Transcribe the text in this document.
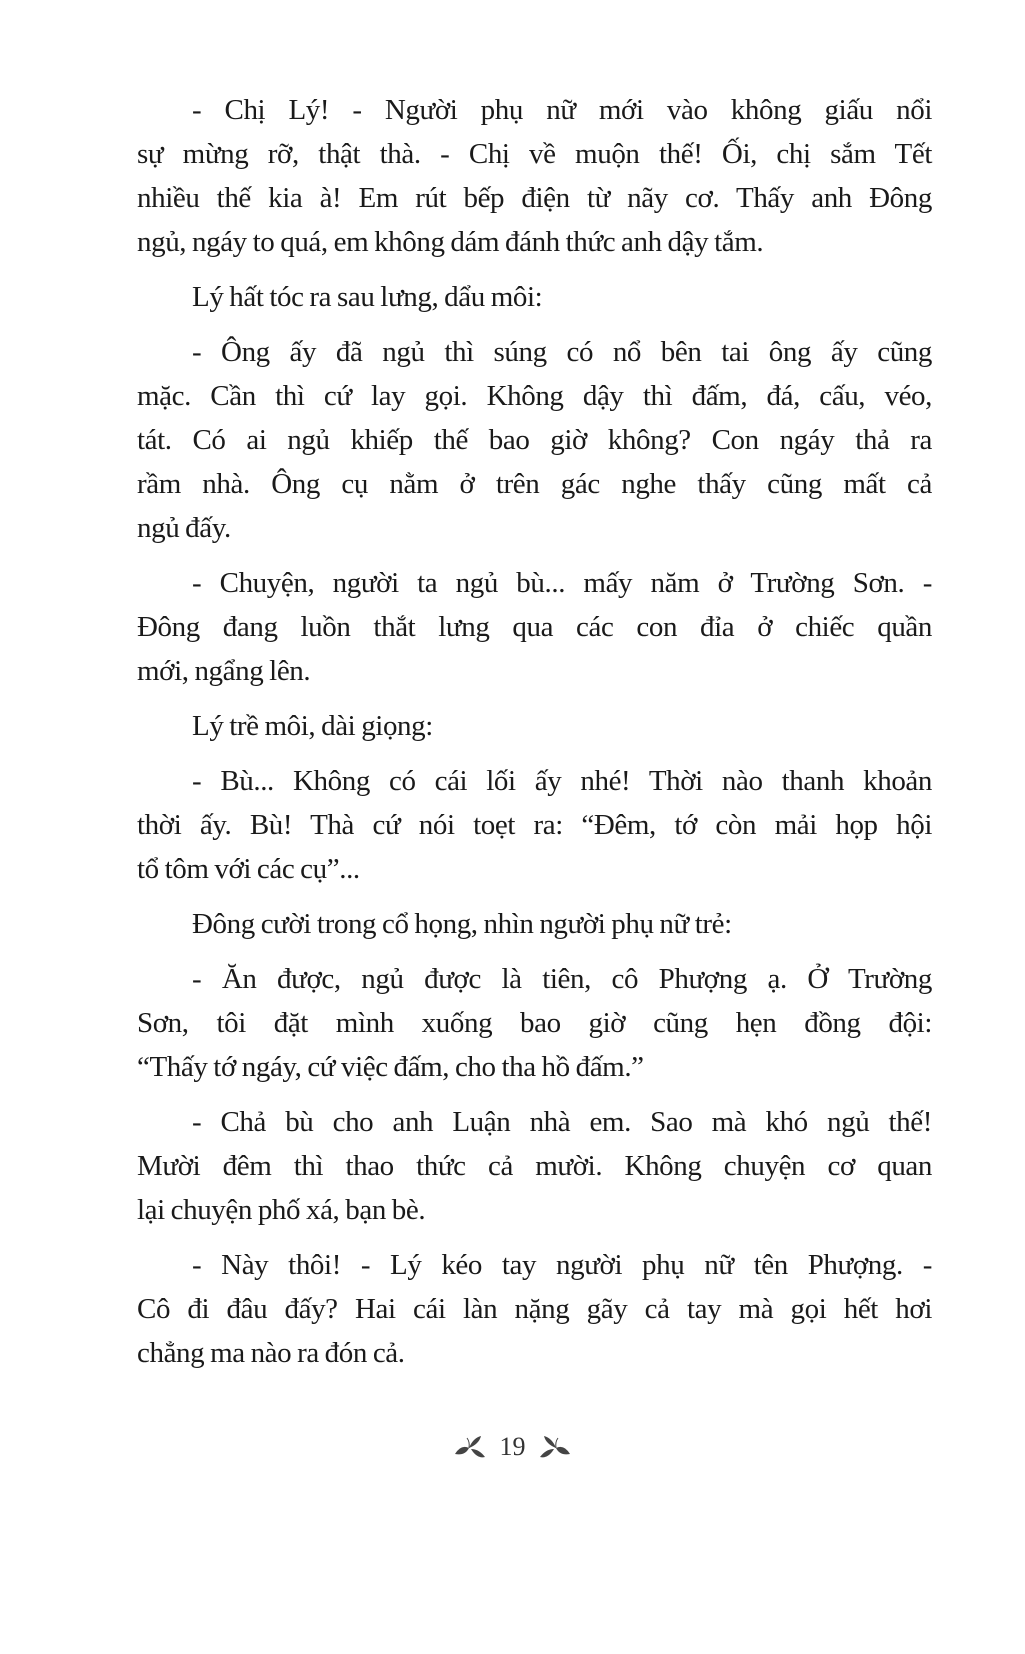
- Chị Lý! - Người phụ nữ mới vào không giấu nổi
sự mừng rỡ, thật thà. - Chị về muộn thế! Ối, chị sắm Tết
nhiều thế kia à! Em rút bếp điện từ nãy cơ. Thấy anh Đông
ngủ, ngáy to quá, em không dám đánh thức anh dậy tắm.
Lý hất tóc ra sau lưng, dẩu môi:
- Ông ấy đã ngủ thì súng có nổ bên tai ông ấy cũng
mặc. Cần thì cứ lay gọi. Không dậy thì đấm, đá, cấu, véo,
tát. Có ai ngủ khiếp thế bao giờ không? Con ngáy thả ra
rầm nhà. Ông cụ nằm ở trên gác nghe thấy cũng mất cả
ngủ đấy.
- Chuyện, người ta ngủ bù... mấy năm ở Trường Sơn. -
Đông đang luồn thắt lưng qua các con đỉa ở chiếc quần
mới, ngẩng lên.
Lý trề môi, dài giọng:
- Bù... Không có cái lối ấy nhé! Thời nào thanh khoản
thời ấy. Bù! Thà cứ nói toẹt ra: “Đêm, tớ còn mải họp hội
tổ tôm với các cụ”...
Đông cười trong cổ họng, nhìn người phụ nữ trẻ:
- Ăn được, ngủ được là tiên, cô Phượng ạ. Ở Trường
Sơn, tôi đặt mình xuống bao giờ cũng hẹn đồng đội:
“Thấy tớ ngáy, cứ việc đấm, cho tha hồ đấm.”
- Chả bù cho anh Luận nhà em. Sao mà khó ngủ thế!
Mười đêm thì thao thức cả mười. Không chuyện cơ quan
lại chuyện phố xá, bạn bè.
- Này thôi! - Lý kéo tay người phụ nữ tên Phượng. -
Cô đi đâu đấy? Hai cái làn nặng gãy cả tay mà gọi hết hơi
chẳng ma nào ra đón cả.
19
